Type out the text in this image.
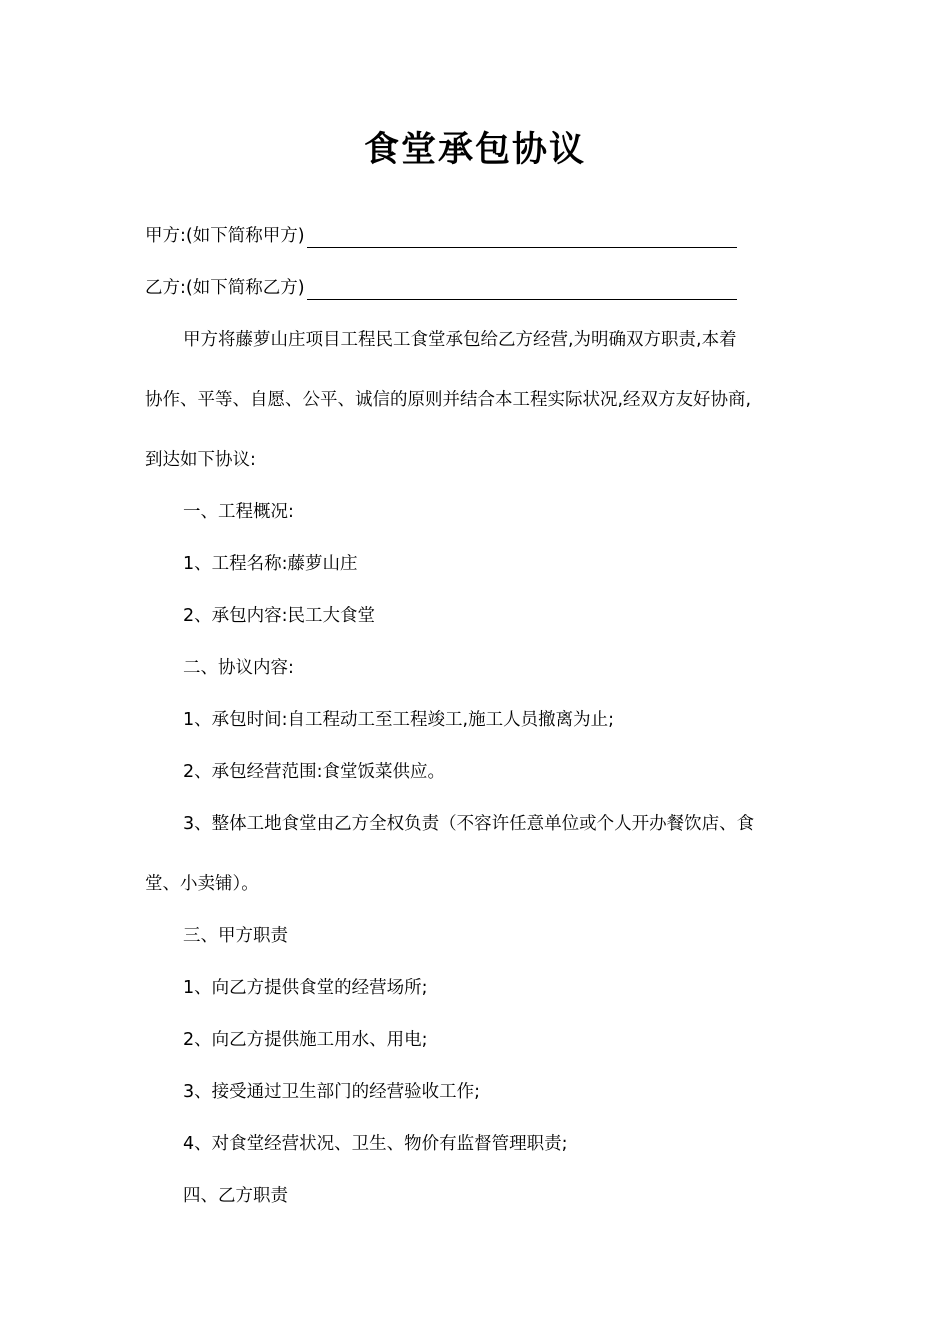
食堂承包协议
甲方:(如下简称甲方)
乙方:(如下简称乙方)
甲方将藤萝山庄项目工程民工食堂承包给乙方经营,为明确双方职责,本着
协作、平等、自愿、公平、诚信的原则并结合本工程实际状况,经双方友好协商,
到达如下协议:
一、工程概况:
1、工程名称:藤萝山庄
2、承包内容:民工大食堂
二、协议内容:
1、承包时间:自工程动工至工程竣工,施工人员撤离为止;
2、承包经营范围:食堂饭菜供应。
3、整体工地食堂由乙方全权负责（不容许任意单位或个人开办餐饮店、食
堂、小卖铺）。
三、甲方职责
1、向乙方提供食堂的经营场所;
2、向乙方提供施工用水、用电;
3、接受通过卫生部门的经营验收工作;
4、对食堂经营状况、卫生、物价有监督管理职责;
四、乙方职责
